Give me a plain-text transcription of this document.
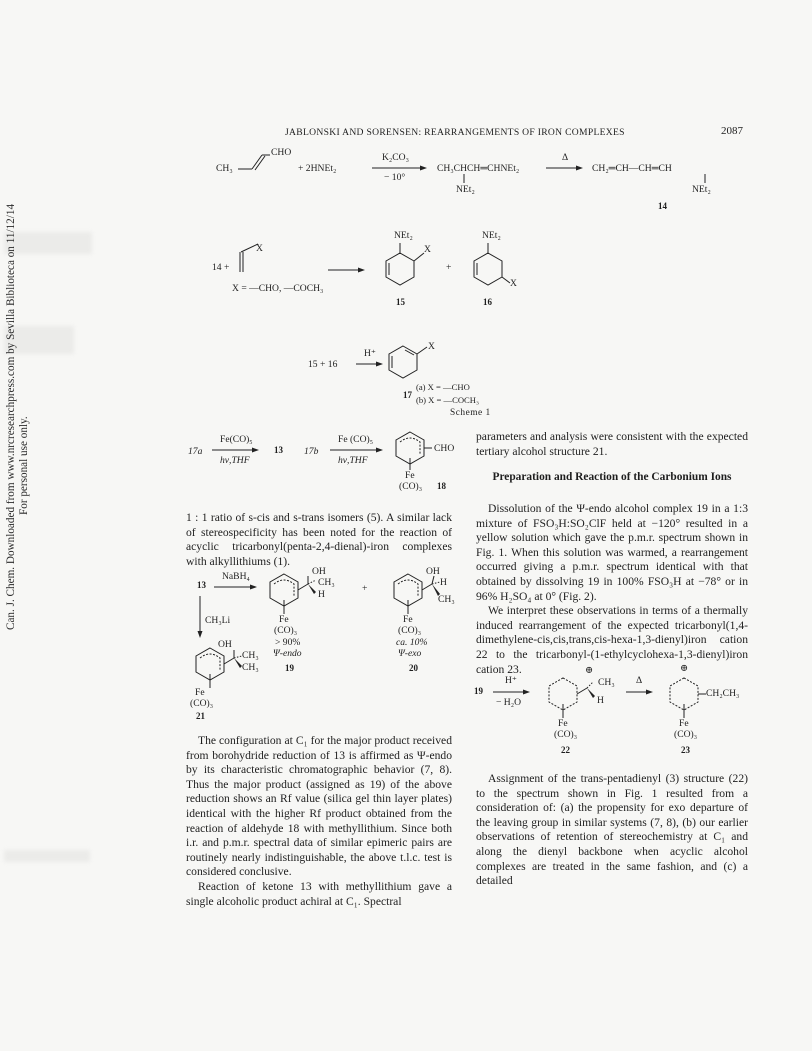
Can. J. Chem. Downloaded from www.nrcresearchpress.com by Sevilla Biblioteca on 11/12/14 For personal use only.
JABLONSKI AND SORENSEN: REARRANGEMENTS OF IRON COMPLEXES	2087
CH₃
CHO
+ 2HNEt₂
K₂CO₃
− 10°
CH₃CHCH═CHNEt₂
NEt₂
Δ
→ CH₂═CH—CH═CH
NEt₂
14
14 +
X
X = —CHO, —COCH₃
NEt₂
X
+
NEt₂
X
15	16
15 + 16
H⁺
X
17
(a) X = —CHO
(b) X = —COCH₃
Scheme 1
17a
Fe(CO)₅
hν,THF
13 17b
Fe (CO)₅
hν,THF
CHO
Fe
(CO)₃ 18

1 : 1 ratio of s-cis and s-trans isomers (5). A similar lack of stereospecificity has been noted for the reaction of acyclic tricarbonyl(penta-2,4-dienal)-iron complexes with alkyllithiums (1).

13
NaBH₄	OH
CH₃
H
Fe
(CO)₃
> 90%
Ψ-endo
19
+
OH
H
CH₃
Fe
(CO)₃
ca. 10%
Ψ-exo
20
CH₃Li
OH
CH₃
CH₃
Fe
(CO)₃
21

The configuration at C₁ for the major product received from borohydride reduction of 13 is affirmed as Ψ-endo by its characteristic chromatographic behavior (7, 8). Thus the major product (assigned as 19) of the above reduction shows an Rf value (silica gel thin layer plates) identical with the higher Rf product obtained from the reaction of aldehyde 18 with methyllithium. Since both i.r. and p.m.r. spectral data of similar epimeric pairs are routinely nearly indistinguishable, the above t.l.c. test is considered conclusive.

Reaction of ketone 13 with methyllithium gave a single alcoholic product achiral at C₁. Spectral

parameters and analysis were consistent with the expected tertiary alcohol structure 21.

Preparation and Reaction of the Carbonium Ions

Dissolution of the Ψ-endo alcohol complex 19 in a 1:3 mixture of FSO₃H:SO₂ClF held at −120° resulted in a yellow solution which gave the p.m.r. spectrum shown in Fig. 1. When this solution was warmed, a rearrangement occurred giving a p.m.r. spectrum identical with that obtained by dissolving 19 in 100% FSO₃H at −78° or in 96% H₂SO₄ at 0° (Fig. 2).

We interpret these observations in terms of a thermally induced rearrangement of the expected tricarbonyl(1,4-dimethylene-cis,cis,trans,cis-hexa-1,3-dienyl)iron cation 22 to the tricarbonyl-(1-ethylcyclohexa-1,3-dienyl)iron cation 23.

19
H⁺
− H₂O
⊕
CH₃
H
Fe
(CO)₃
22
Δ
⊕
CH₂CH₃
Fe
(CO)₃
23

Assignment of the trans-pentadienyl (3) structure (22) to the spectrum shown in Fig. 1 resulted from a consideration of: (a) the propensity for exo departure of the leaving group in similar systems (7, 8), (b) our earlier observations of retention of stereochemistry at C₁ and along the dienyl backbone when acyclic alcohol complexes are treated in the same fashion, and (c) a detailed
